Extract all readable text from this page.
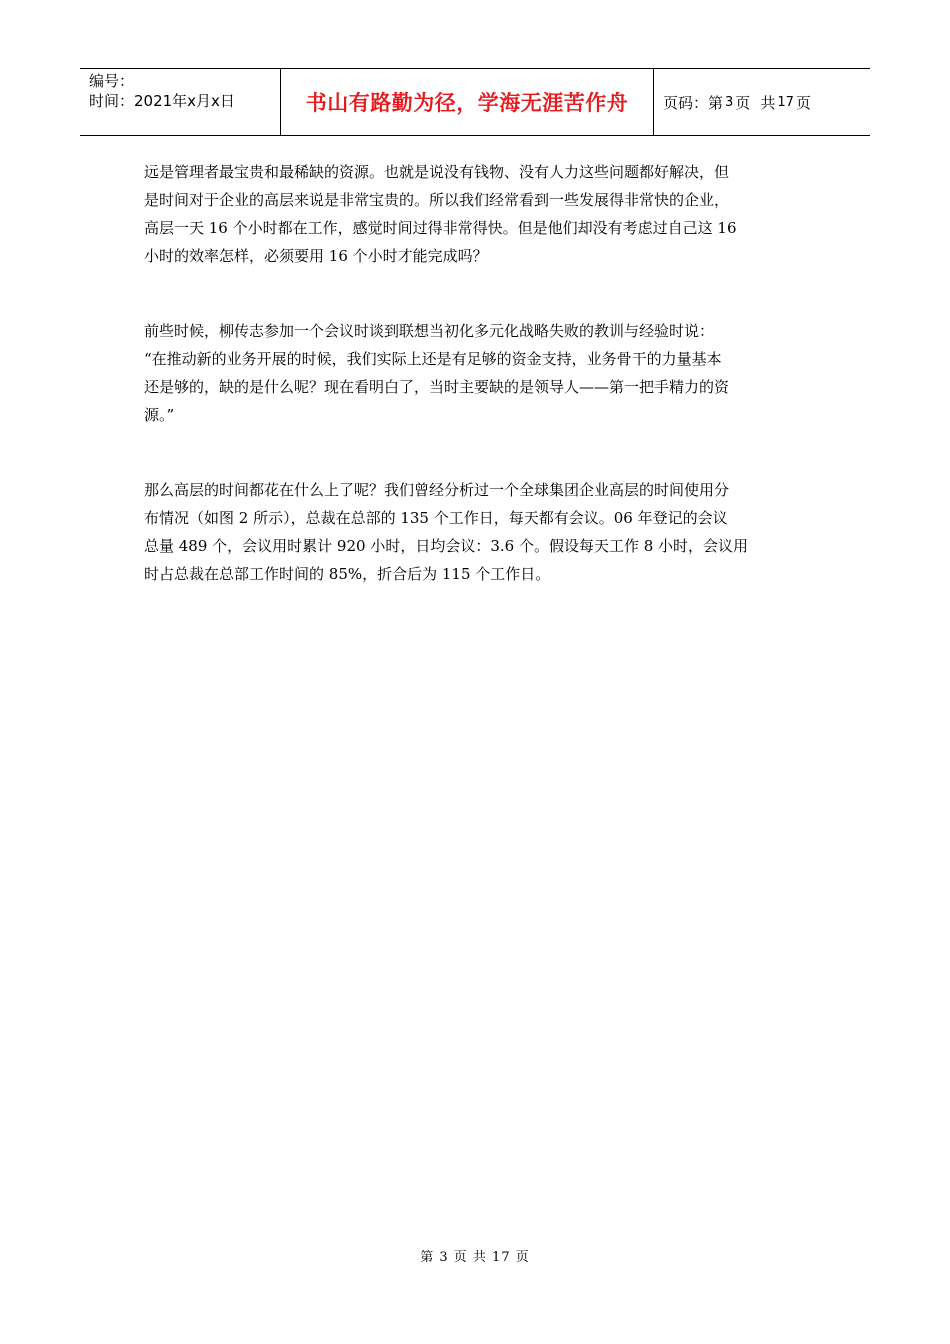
编号：
时间：2021年x月x日	书山有路勤为径，学海无涯苦作舟 页码：第 3 页 共 17 页

远是管理者最宝贵和最稀缺的资源。也就是说没有钱物、没有人力这些问题都好解决，但
是时间对于企业的高层来说是非常宝贵的。所以我们经常看到一些发展得非常快的企业，
高层一天 16 个小时都在工作，感觉时间过得非常得快。但是他们却没有考虑过自己这 16
小时的效率怎样，必须要用 16 个小时才能完成吗？

前些时候，柳传志参加一个会议时谈到联想当初化多元化战略失败的教训与经验时说：
“在推动新的业务开展的时候，我们实际上还是有足够的资金支持，业务骨干的力量基本
还是够的，缺的是什么呢？现在看明白了，当时主要缺的是领导人——第一把手精力的资
源。”

那么高层的时间都花在什么上了呢？我们曾经分析过一个全球集团企业高层的时间使用分
布情况（如图 2 所示），总裁在总部的 135 个工作日，每天都有会议。06 年登记的会议
总量 489 个，会议用时累计 920 小时，日均会议：3.6 个。假设每天工作 8 小时，会议用
时占总裁在总部工作时间的 85%，折合后为 115 个工作日。

第 3 页 共 17 页
